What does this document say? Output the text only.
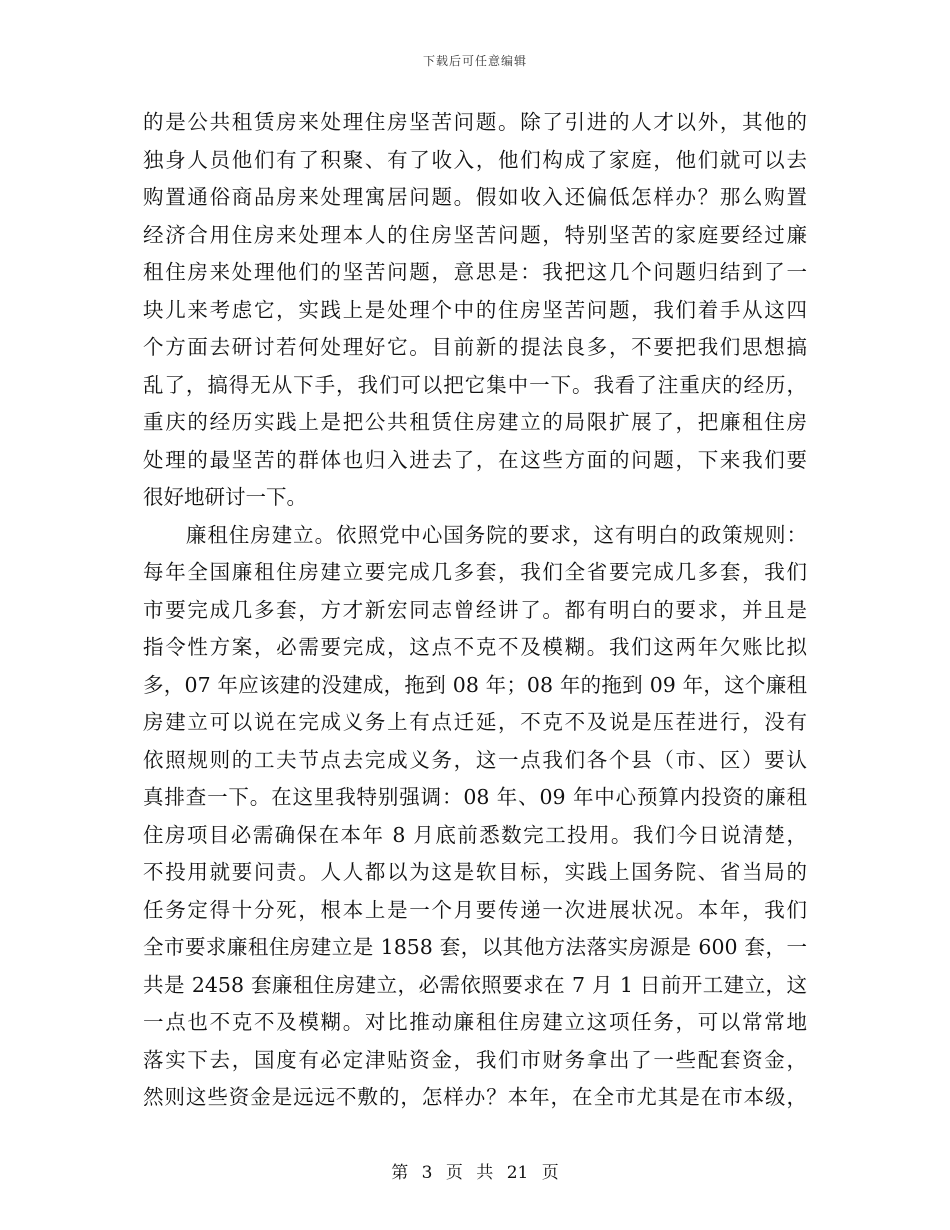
下载后可任意编辑
的是公共租赁房来处理住房坚苦问题。除了引进的人才以外，其他的
独身人员他们有了积聚、有了收入，他们构成了家庭，他们就可以去
购置通俗商品房来处理寓居问题。假如收入还偏低怎样办？那么购置
经济合用住房来处理本人的住房坚苦问题，特别坚苦的家庭要经过廉
租住房来处理他们的坚苦问题，意思是：我把这几个问题归结到了一
块儿来考虑它，实践上是处理个中的住房坚苦问题，我们着手从这四
个方面去研讨若何处理好它。目前新的提法良多，不要把我们思想搞
乱了，搞得无从下手，我们可以把它集中一下。我看了注重庆的经历，
重庆的经历实践上是把公共租赁住房建立的局限扩展了，把廉租住房
处理的最坚苦的群体也归入进去了，在这些方面的问题，下来我们要
很好地研讨一下。
　　廉租住房建立。依照党中心国务院的要求，这有明白的政策规则：
每年全国廉租住房建立要完成几多套，我们全省要完成几多套，我们
市要完成几多套，方才新宏同志曾经讲了。都有明白的要求，并且是
指令性方案，必需要完成，这点不克不及模糊。我们这两年欠账比拟
多，07 年应该建的没建成，拖到 08 年；08 年的拖到 09 年，这个廉租
房建立可以说在完成义务上有点迁延，不克不及说是压茬进行，没有
依照规则的工夫节点去完成义务，这一点我们各个县（市、区）要认
真排查一下。在这里我特别强调：08 年、09 年中心预算内投资的廉租
住房项目必需确保在本年 8 月底前悉数完工投用。我们今日说清楚，
不投用就要问责。人人都以为这是软目标，实践上国务院、省当局的
任务定得十分死，根本上是一个月要传递一次进展状况。本年，我们
全市要求廉租住房建立是 1858 套，以其他方法落实房源是 600 套，一
共是 2458 套廉租住房建立，必需依照要求在 7 月 1 日前开工建立，这
一点也不克不及模糊。对比推动廉租住房建立这项任务，可以常常地
落实下去，国度有必定津贴资金，我们市财务拿出了一些配套资金，
然则这些资金是远远不敷的，怎样办？本年，在全市尤其是在市本级，
第 3 页 共 21 页
